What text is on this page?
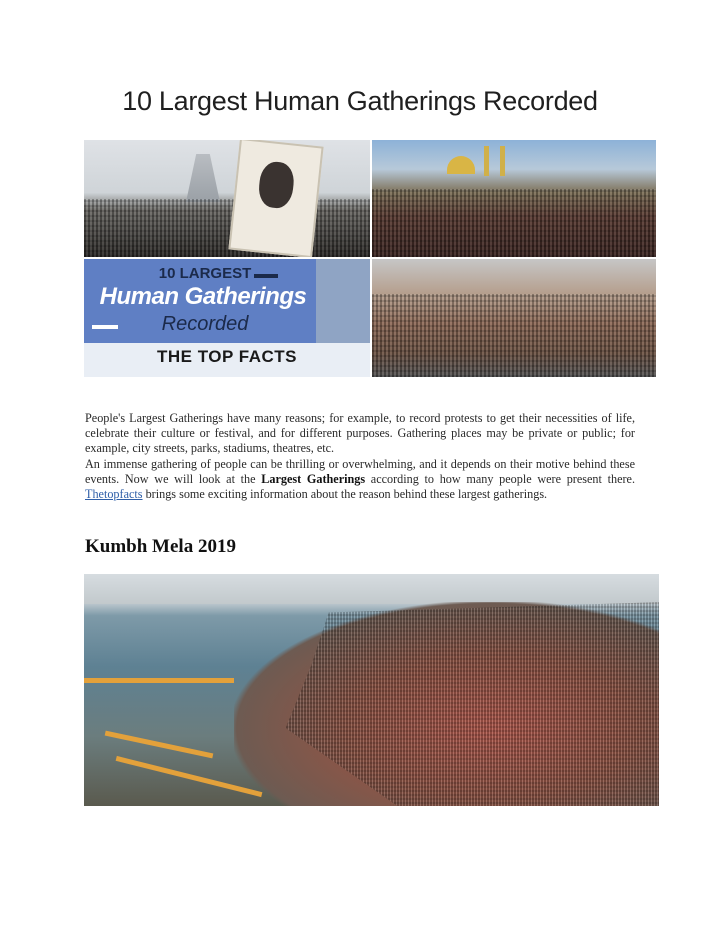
10 Largest Human Gatherings Recorded
10 LARGEST
Human Gatherings
Recorded
THE TOP FACTS

People's Largest Gatherings have many reasons; for example, to record protests to get their necessities of life, celebrate their culture or festival, and for different purposes. Gathering places may be private or public; for example, city streets, parks, stadiums, theatres, etc.

An immense gathering of people can be thrilling or overwhelming, and it depends on their motive behind these events. Now we will look at the Largest Gatherings according to how many people were present there. Thetopfacts brings some exciting information about the reason behind these largest gatherings.

Kumbh Mela 2019
